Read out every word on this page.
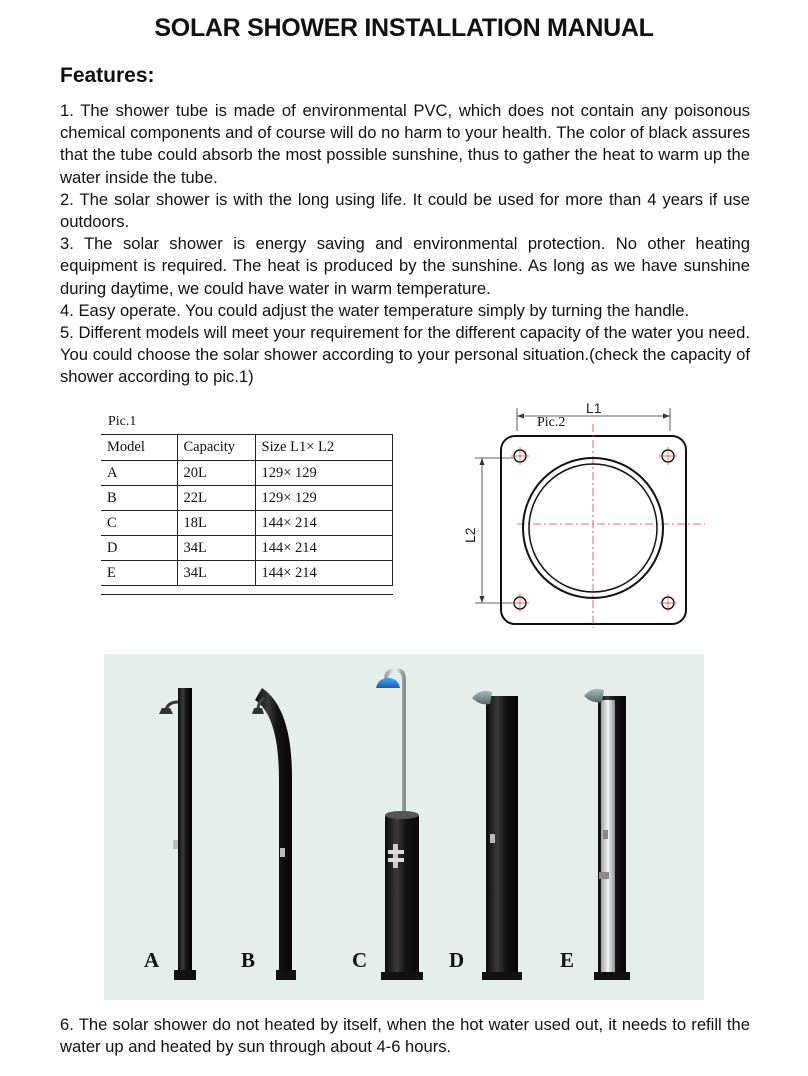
SOLAR SHOWER INSTALLATION MANUAL
Features:

1. The shower tube is made of environmental PVC, which does not contain any poisonous chemical components and of course will do no harm to your health. The color of black assures that the tube could absorb the most possible sunshine, thus to gather the heat to warm up the water inside the tube.

2. The solar shower is with the long using life. It could be used for more than 4 years if use outdoors.

3. The solar shower is energy saving and environmental protection. No other heating equipment is required. The heat is produced by the sunshine. As long as we have sunshine during daytime, we could have water in warm temperature.

4. Easy operate. You could adjust the water temperature simply by turning the handle.

5. Different models will meet your requirement for the different capacity of the water you need. You could choose the solar shower according to your personal situation.(check the capacity of shower according to pic.1)

Pic.1
Model	Capacity	Size L1× L2
A	20L	129× 129
B	22L	129× 129
C	18L	144× 214
D	34L	144× 214
E	34L	144× 214
L1
L2
Pic.2
A	B	C	D	E
6. The solar shower do not heated by itself, when the hot water used out, it needs to refill the water up and heated by sun through about 4-6 hours.
